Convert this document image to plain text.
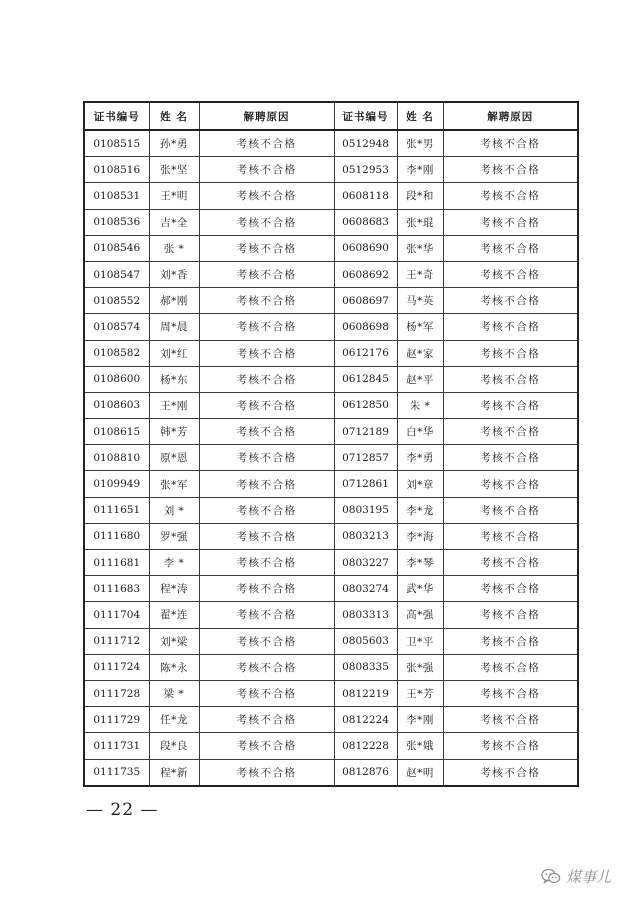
证书编号	姓 名	解聘原因	证书编号	姓 名	解聘原因
0108515	孙*勇	考核不合格	0512948	张*男	考核不合格
0108516	张*坚	考核不合格	0512953	李*刚	考核不合格
0108531	王*明	考核不合格	0608118	段*和	考核不合格
0108536	吉*全	考核不合格	0608683	张*琨	考核不合格
0108546	张 *	考核不合格	0608690	张*华	考核不合格
0108547	刘*香	考核不合格	0608692	王*奇	考核不合格
0108552	郝*刚	考核不合格	0608697	马*英	考核不合格
0108574	周*晨	考核不合格	0608698	杨*军	考核不合格
0108582	刘*红	考核不合格	0612176	赵*家	考核不合格
0108600	杨*东	考核不合格	0612845	赵*平	考核不合格
0108603	王*刚	考核不合格	0612850	朱 *	考核不合格
0108615	韩*芳	考核不合格	0712189	白*华	考核不合格
0108810	原*恩	考核不合格	0712857	李*勇	考核不合格
0109949	张*军	考核不合格	0712861	刘*章	考核不合格
0111651	刘 *	考核不合格	0803195	李*龙	考核不合格
0111680	罗*强	考核不合格	0803213	李*海	考核不合格
0111681	李 *	考核不合格	0803227	李*琴	考核不合格
0111683	程*涛	考核不合格	0803274	武*华	考核不合格
0111704	翟*连	考核不合格	0803313	高*强	考核不合格
0111712	刘*梁	考核不合格	0805603	卫*平	考核不合格
0111724	陈*永	考核不合格	0808335	张*强	考核不合格
0111728	梁 *	考核不合格	0812219	王*芳	考核不合格
0111729	任*龙	考核不合格	0812224	李*刚	考核不合格
0111731	段*良	考核不合格	0812228	张*娥	考核不合格
0111735	程*新	考核不合格	0812876	赵*明	考核不合格
— 22 —
煤事儿
